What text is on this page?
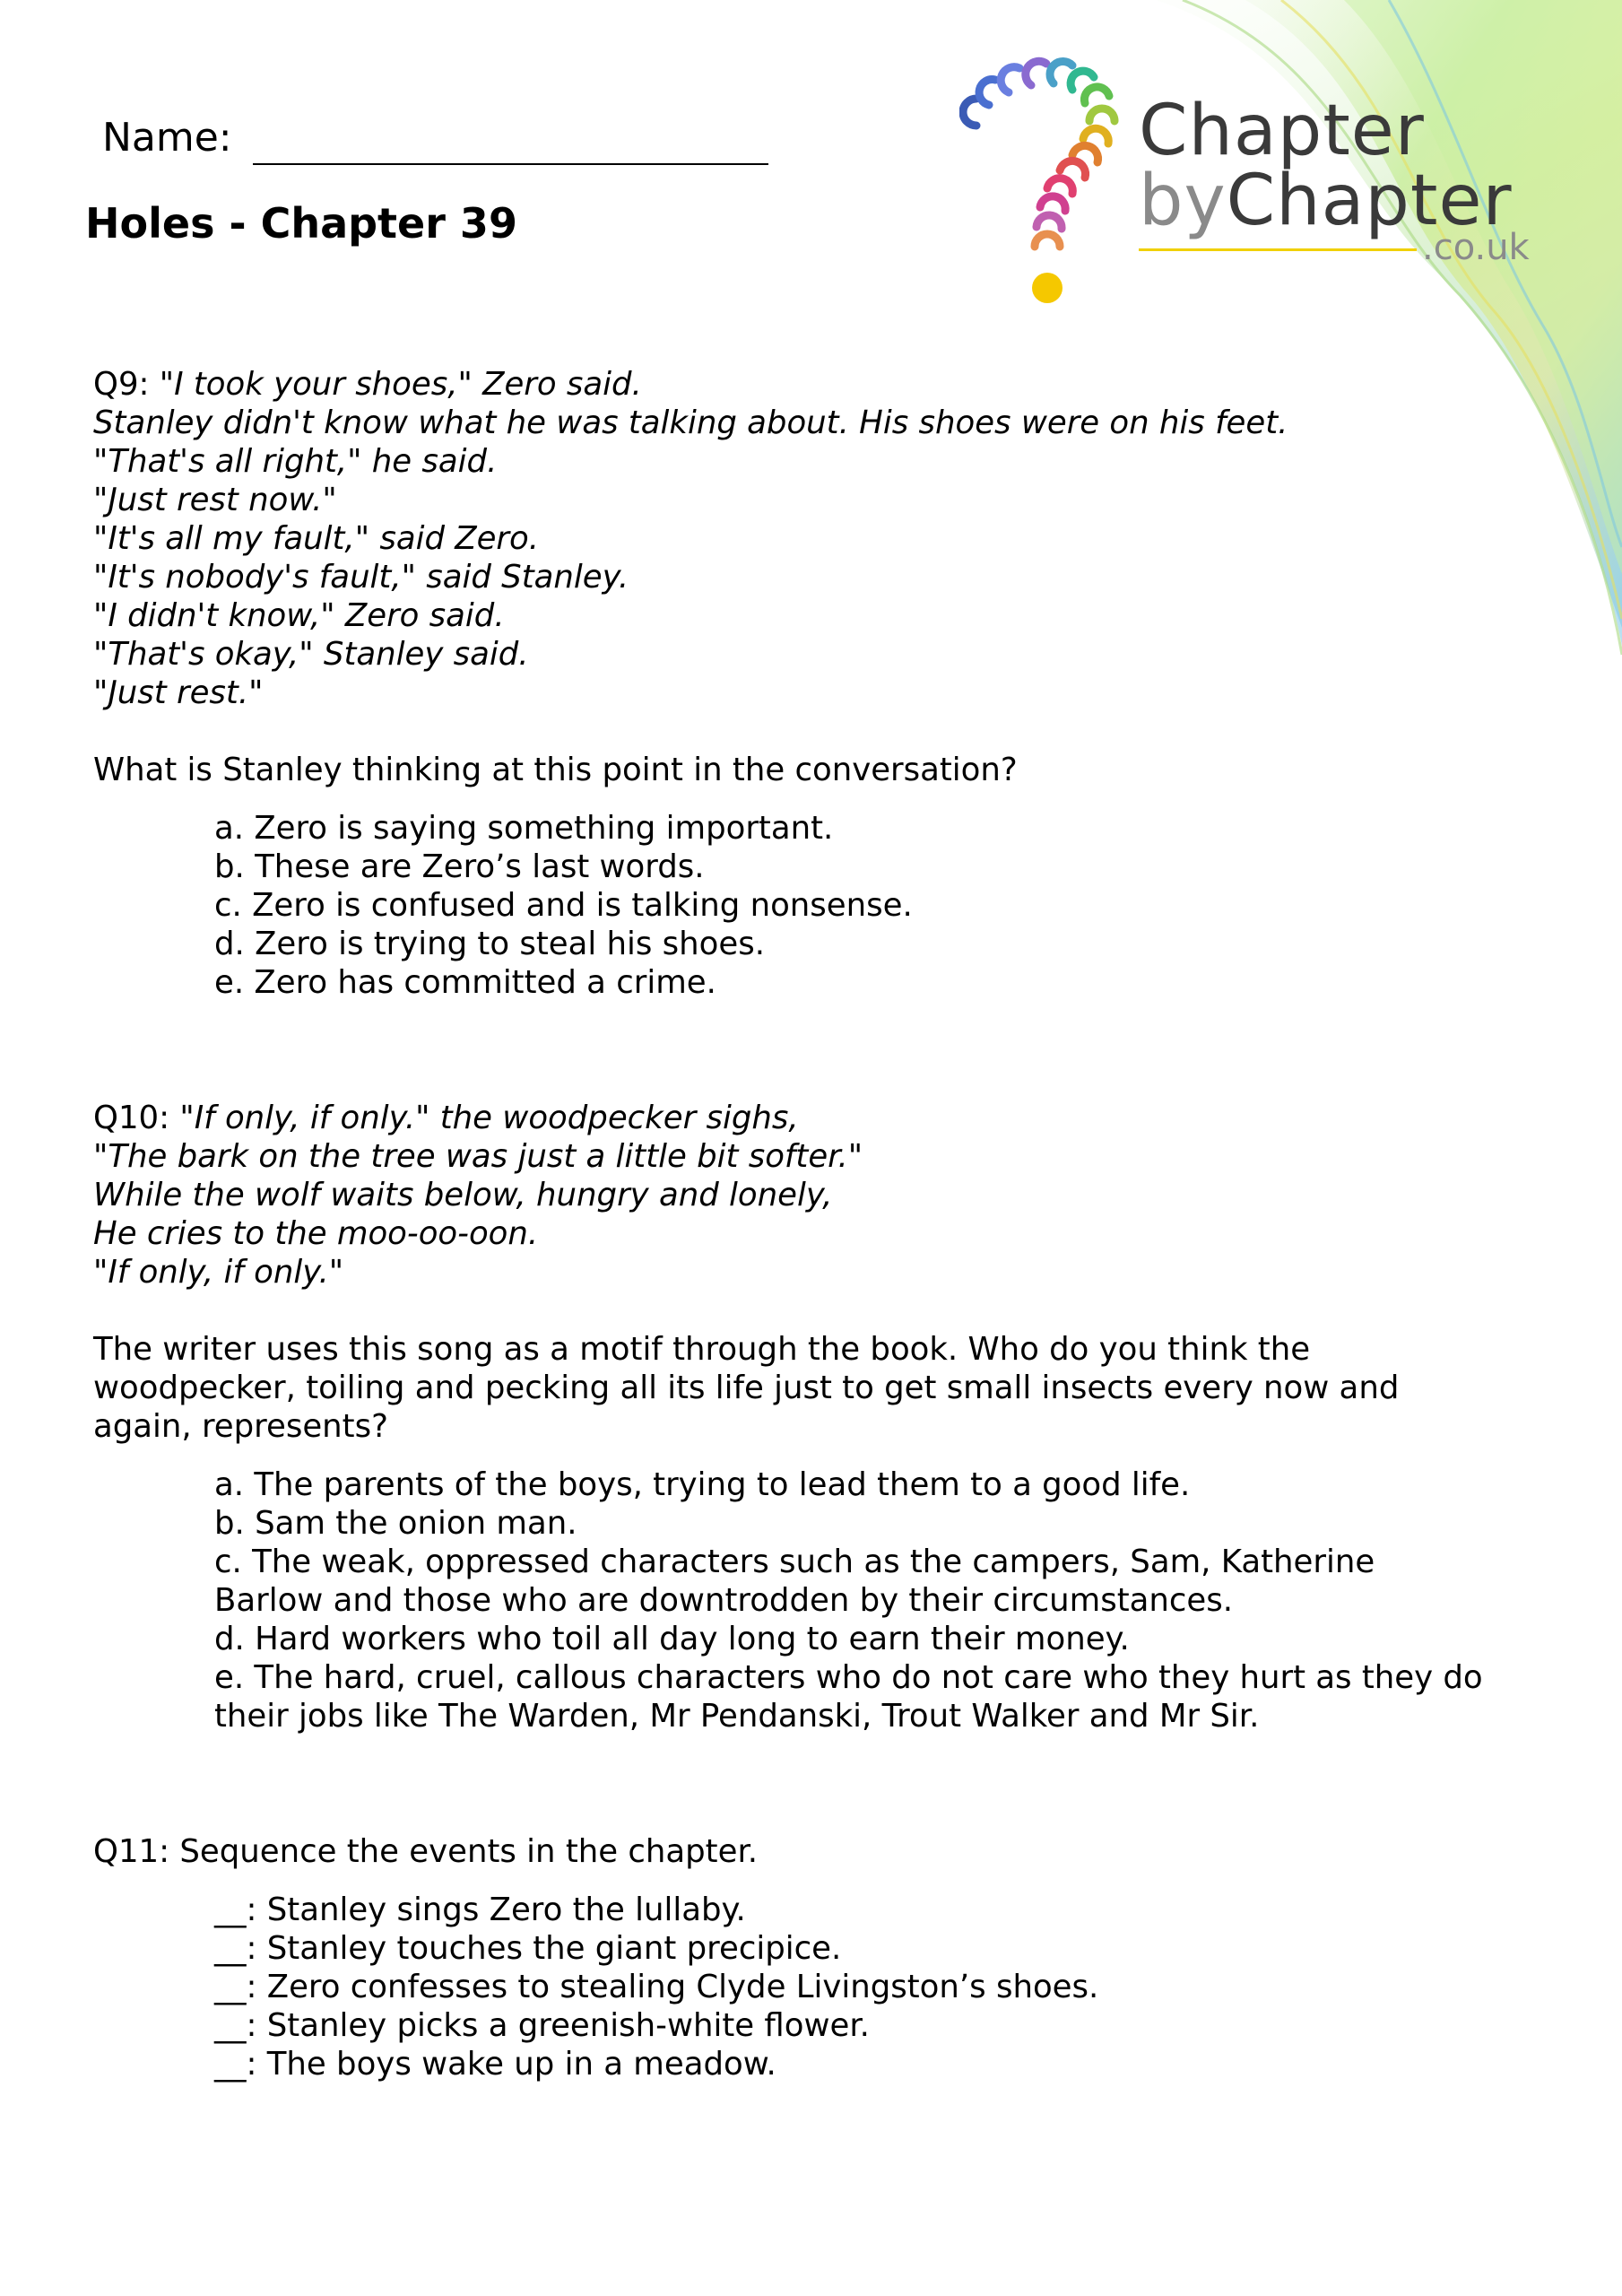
Chapter
byChapter
.co.uk
Name:
Holes - Chapter 39

Q9: "I took your shoes," Zero said.

Stanley didn't know what he was talking about. His shoes were on his feet.

"That's all right," he said.

"Just rest now."

"It's all my fault," said Zero.

"It's nobody's fault," said Stanley.

"I didn't know," Zero said.

"That's okay," Stanley said.

"Just rest."

What is Stanley thinking at this point in the conversation?

a. Zero is saying something important.

b. These are Zero’s last words.

c. Zero is confused and is talking nonsense.

d. Zero is trying to steal his shoes.

e. Zero has committed a crime.

Q10: "If only, if only." the woodpecker sighs,

"The bark on the tree was just a little bit softer."

While the wolf waits below, hungry and lonely,

He cries to the moo-oo-oon.

"If only, if only."

The writer uses this song as a motif through the book. Who do you think the

woodpecker, toiling and pecking all its life just to get small insects every now and

again, represents?

a. The parents of the boys, trying to lead them to a good life.

b. Sam the onion man.

c. The weak, oppressed characters such as the campers, Sam, Katherine

Barlow and those who are downtrodden by their circumstances.

d. Hard workers who toil all day long to earn their money.

e. The hard, cruel, callous characters who do not care who they hurt as they do

their jobs like The Warden, Mr Pendanski, Trout Walker and Mr Sir.

Q11: Sequence the events in the chapter.

__: Stanley sings Zero the lullaby.

__: Stanley touches the giant precipice.

__: Zero confesses to stealing Clyde Livingston’s shoes.

__: Stanley picks a greenish-white flower.

__: The boys wake up in a meadow.
